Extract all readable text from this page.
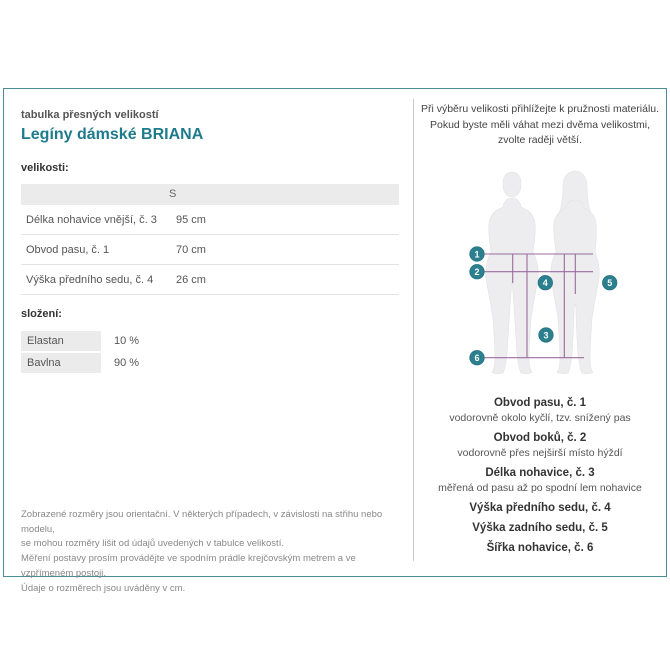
tabulka přesných velikostí
Legíny dámské BRIANA
velikosti:
S
Délka nohavice vnější, č. 3	95 cm
Obvod pasu, č. 1	70 cm
Výška předního sedu, č. 4	26 cm
složení:
Elastan	10 %
Bavlna	90 %
Zobrazené rozměry jsou orientační. V některých případech, v závislosti na střihu nebo modelu,
se mohou rozměry lišit od údajů uvedených v tabulce velikostí.
Měření postavy prosím provádějte ve spodním prádle krejčovským metrem a ve vzpřímeném postoji.
Údaje o rozměrech jsou uváděny v cm.
Při výběru velikosti přihlížejte k pružnosti materiálu.
Pokud byste měli váhat mezi dvěma velikostmi,
zvolte raději větší.
1
2
4	5
3
6
Obvod pasu, č. 1
vodorovně okolo kyčlí, tzv. snížený pas
Obvod boků, č. 2
vodorovně přes nejširší místo hýždí
Délka nohavice, č. 3
měřená od pasu až po spodní lem nohavice
Výška předního sedu, č. 4
Výška zadního sedu, č. 5
Šířka nohavice, č. 6
